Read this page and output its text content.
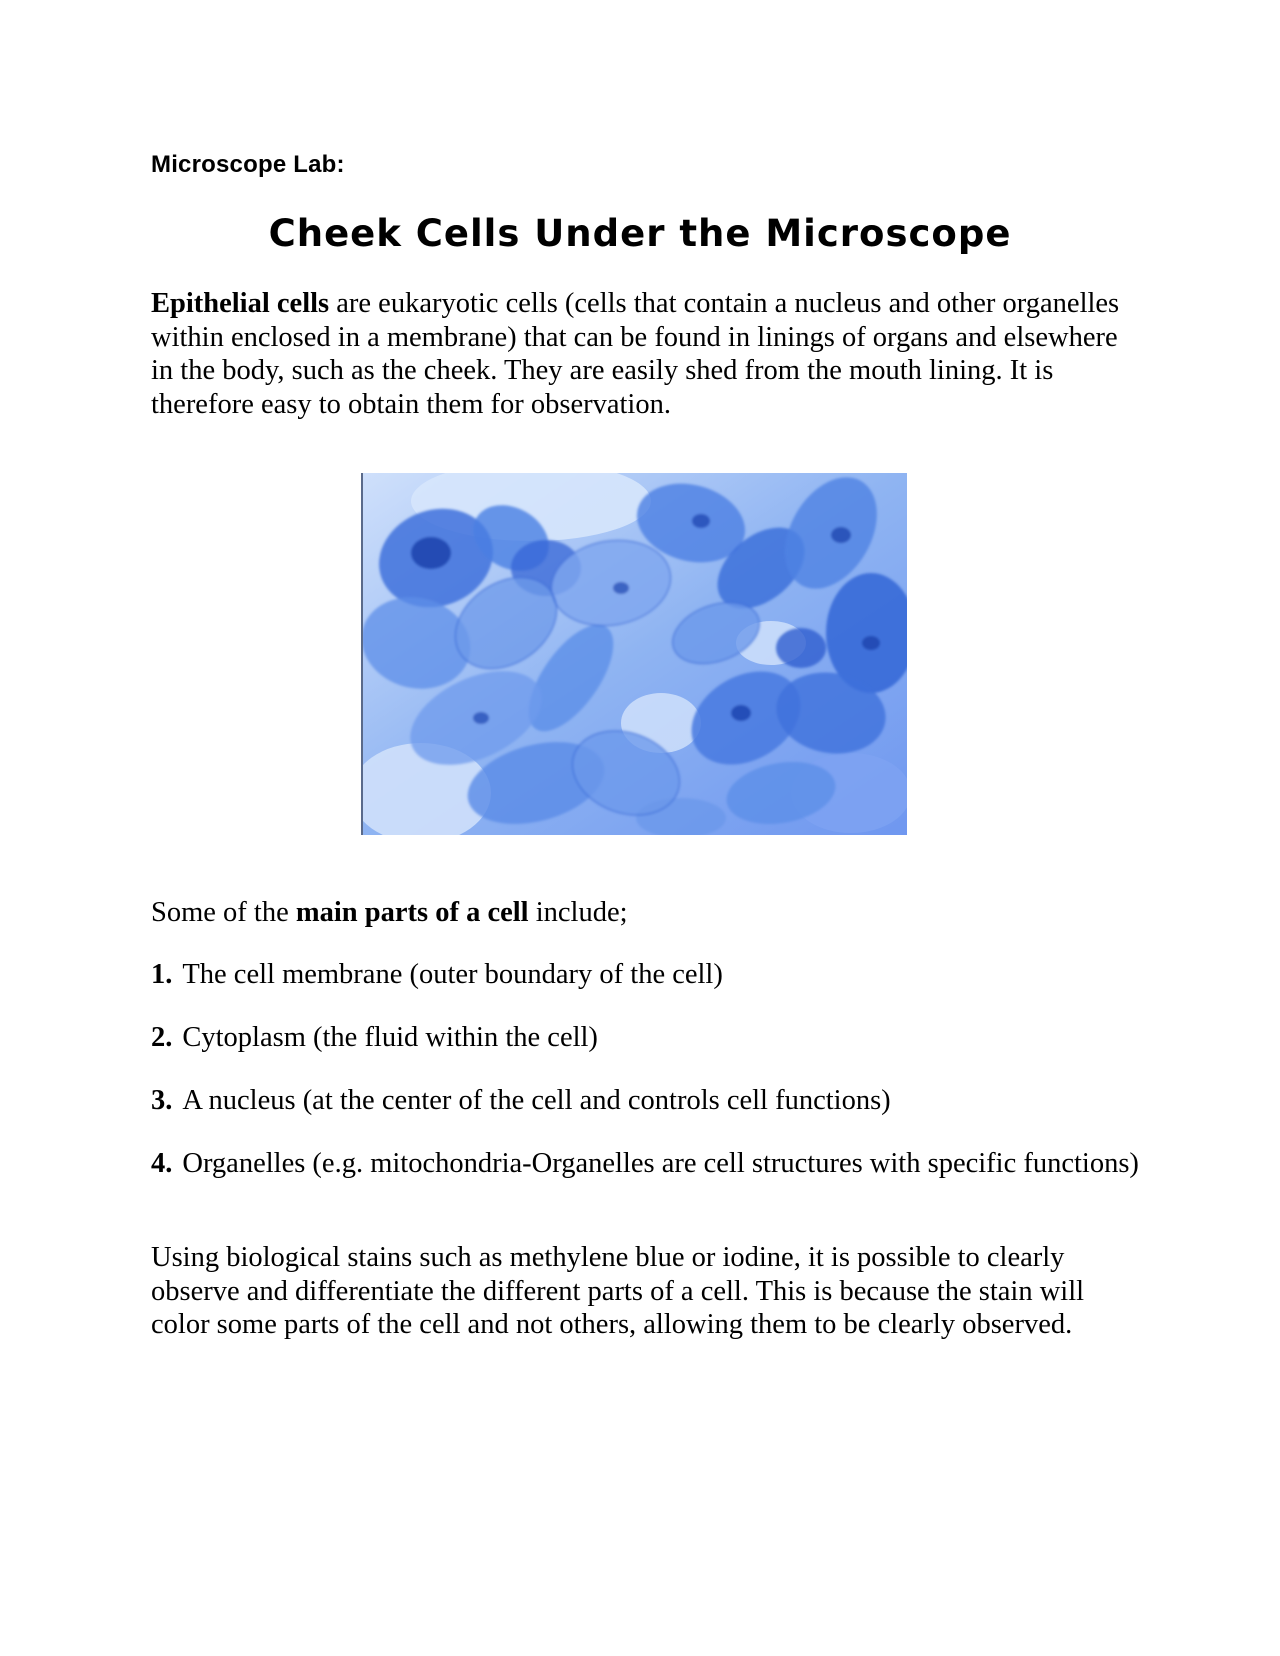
Microscope Lab:

Cheek Cells Under the Microscope

Epithelial cells are eukaryotic cells (cells that contain a nucleus and other organelles within enclosed in a membrane) that can be found in linings of organs and elsewhere in the body, such as the cheek. They are easily shed from the mouth lining. It is therefore easy to obtain them for observation.

Some of the main parts of a cell include;

1. The cell membrane (outer boundary of the cell)
2. Cytoplasm (the fluid within the cell)
3. A nucleus (at the center of the cell and controls cell functions)
4. Organelles (e.g. mitochondria-Organelles are cell structures with specific functions)

Using biological stains such as methylene blue or iodine, it is possible to clearly observe and differentiate the different parts of a cell. This is because the stain will color some parts of the cell and not others, allowing them to be clearly observed.
